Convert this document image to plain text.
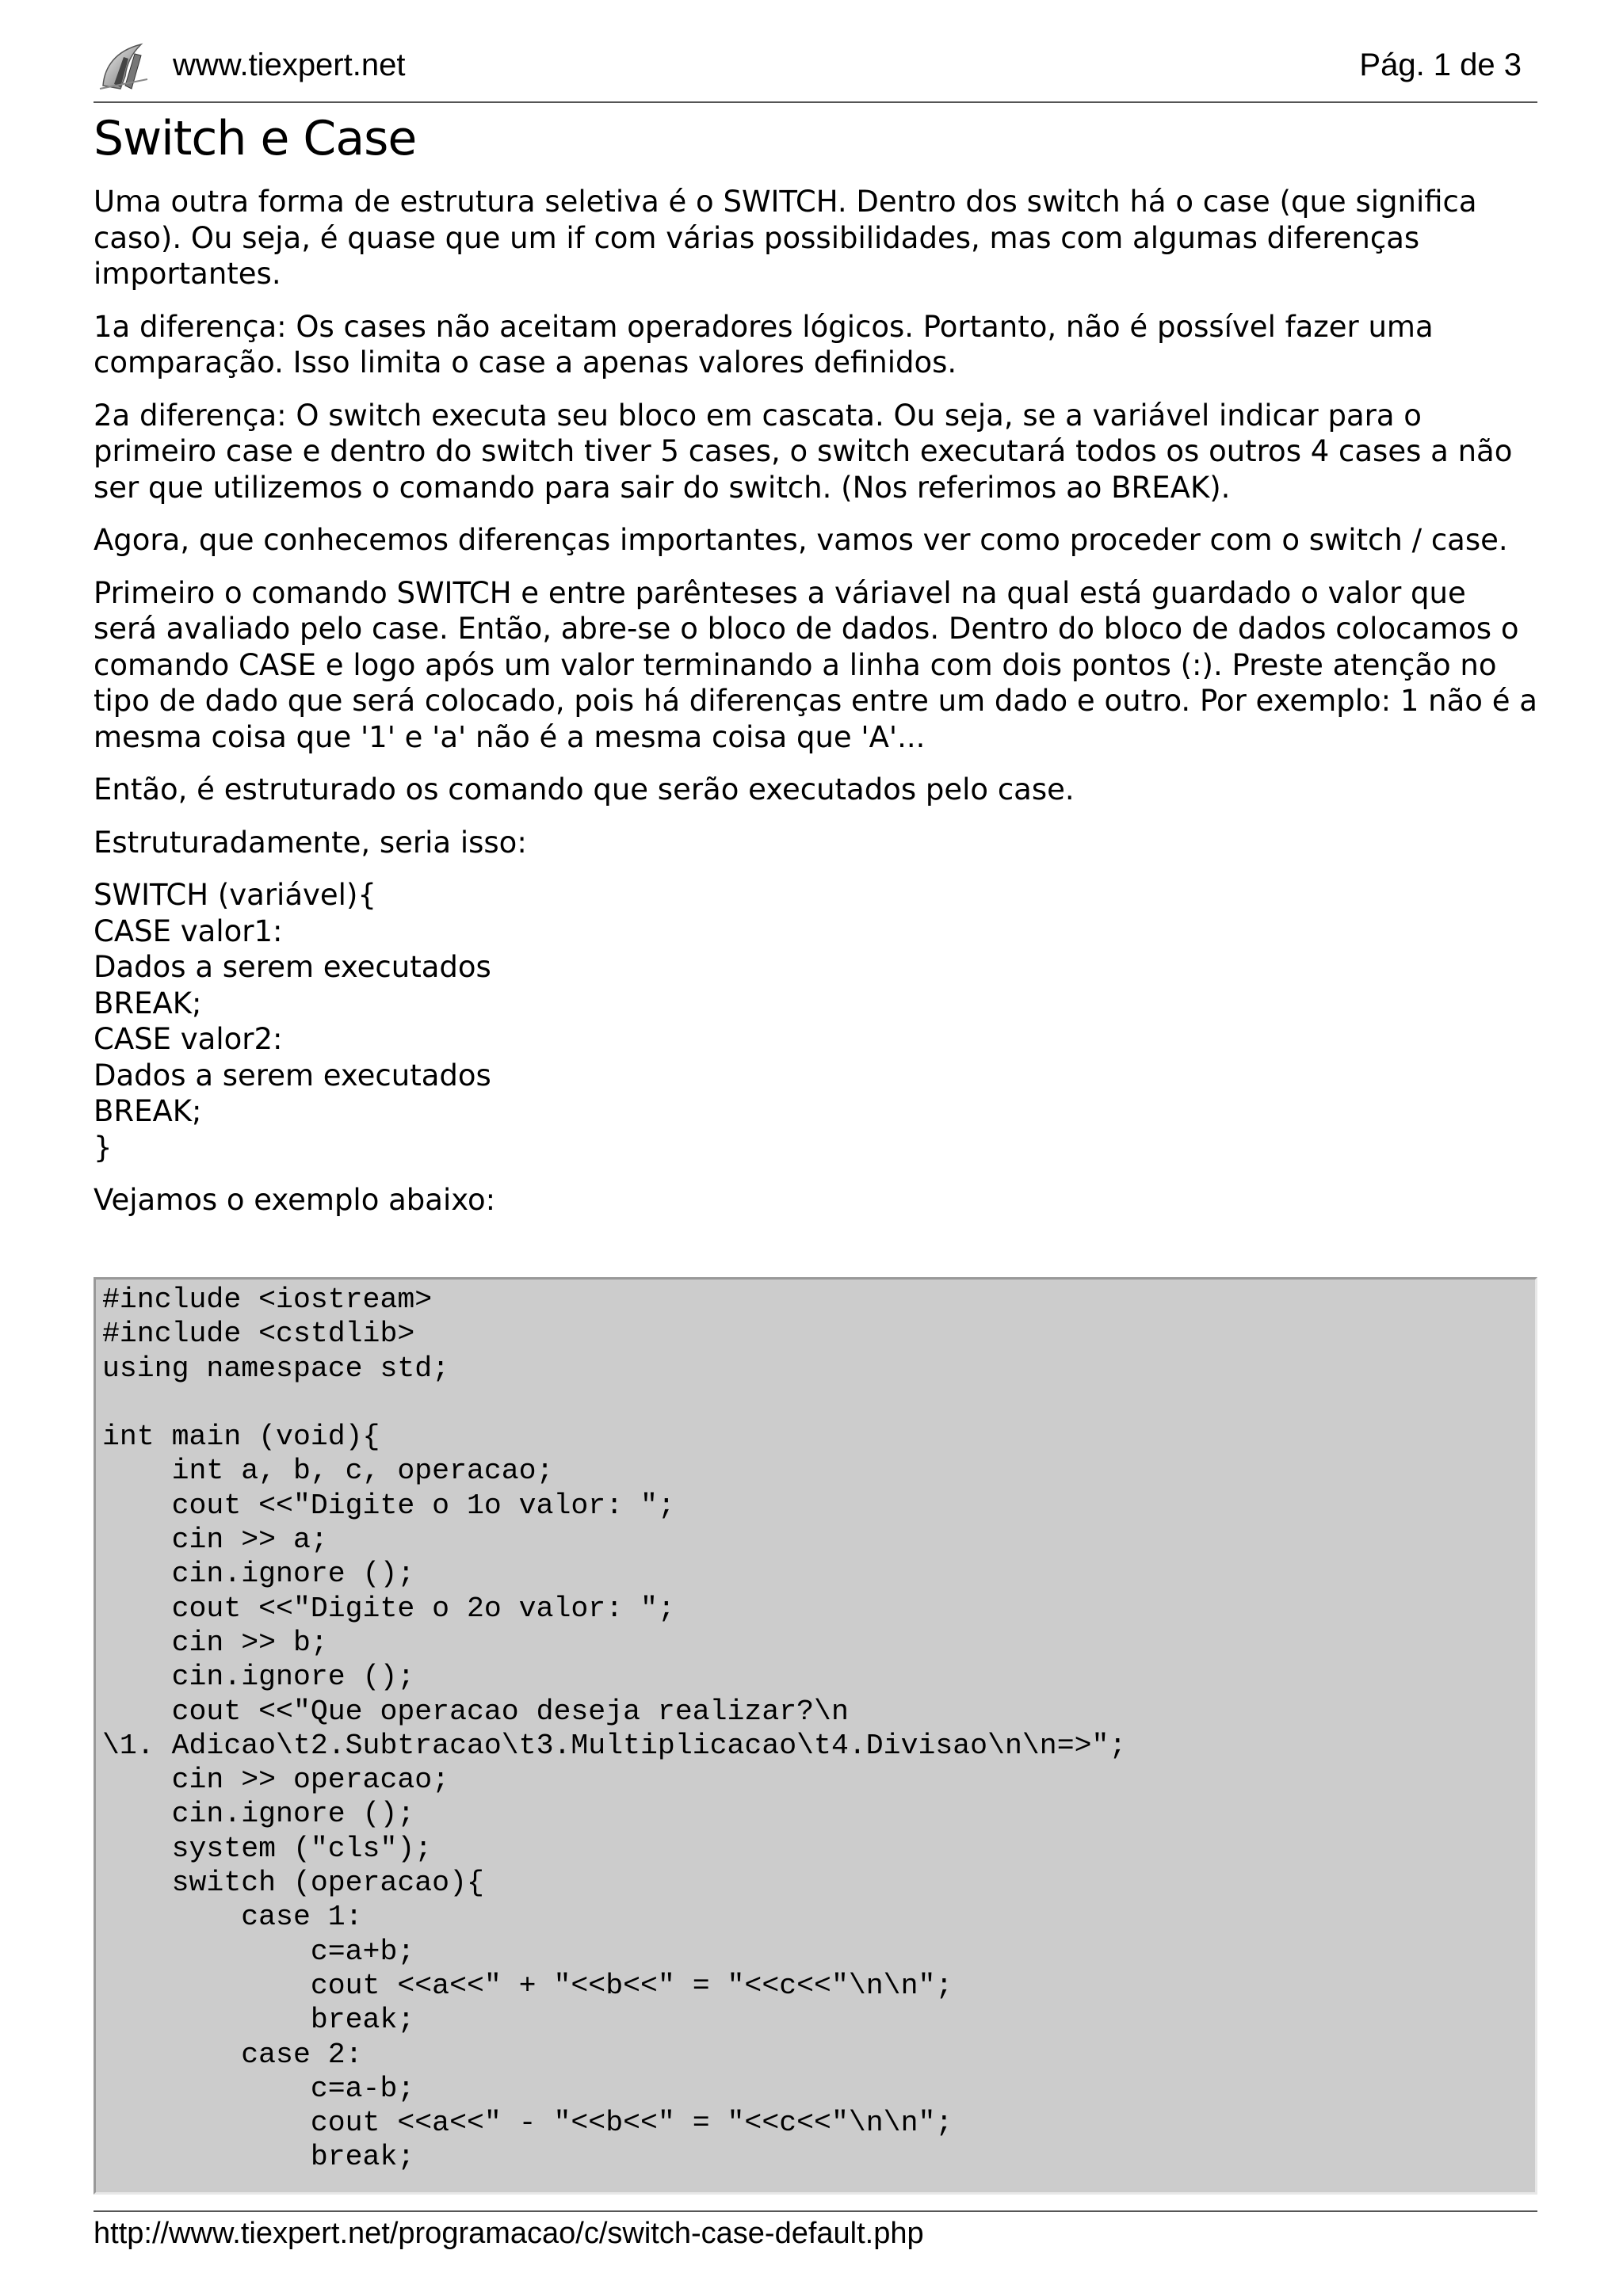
www.tiexpert.net	Pág. 1 de 3
Switch e Case

Uma outra forma de estrutura seletiva é o SWITCH. Dentro dos switch há o case (que significa caso). Ou seja, é quase que um if com várias possibilidades, mas com algumas diferenças importantes.

1a diferença: Os cases não aceitam operadores lógicos. Portanto, não é possível fazer uma comparação. Isso limita o case a apenas valores definidos.

2a diferença: O switch executa seu bloco em cascata. Ou seja, se a variável indicar para o primeiro case e dentro do switch tiver 5 cases, o switch executará todos os outros 4 cases a não ser que utilizemos o comando para sair do switch. (Nos referimos ao BREAK).

Agora, que conhecemos diferenças importantes, vamos ver como proceder com o switch / case.

Primeiro o comando SWITCH e entre parênteses a váriavel na qual está guardado o valor que será avaliado pelo case. Então, abre-se o bloco de dados. Dentro do bloco de dados colocamos o comando CASE e logo após um valor terminando a linha com dois pontos (:). Preste atenção no tipo de dado que será colocado, pois há diferenças entre um dado e outro. Por exemplo: 1 não é a mesma coisa que '1' e 'a' não é a mesma coisa que 'A'...

Então, é estruturado os comando que serão executados pelo case.

Estruturadamente, seria isso:

SWITCH (variável){
CASE valor1:
Dados a serem executados
BREAK;
CASE valor2:
Dados a serem executados
BREAK;
}

Vejamos o exemplo abaixo:

#include <iostream>
#include <cstdlib>
using namespace std;

int main (void){
int a, b, c, operacao;
cout <<"Digite o 1o valor: ";
cin >> a;
cin.ignore ();
cout <<"Digite o 2o valor: ";
cin >> b;
cin.ignore ();
cout <<"Que operacao deseja realizar?\n
\1. Adicao\t2.Subtracao\t3.Multiplicacao\t4.Divisao\n\n=>";
cin >> operacao;
cin.ignore ();
system ("cls");
switch (operacao){
case 1:
c=a+b;
cout <<a<<" + "<<b<<" = "<<c<<"\n\n";
break;
case 2:
c=a-b;
cout <<a<<" - "<<b<<" = "<<c<<"\n\n";
break;
http://www.tiexpert.net/programacao/c/switch-case-default.php
